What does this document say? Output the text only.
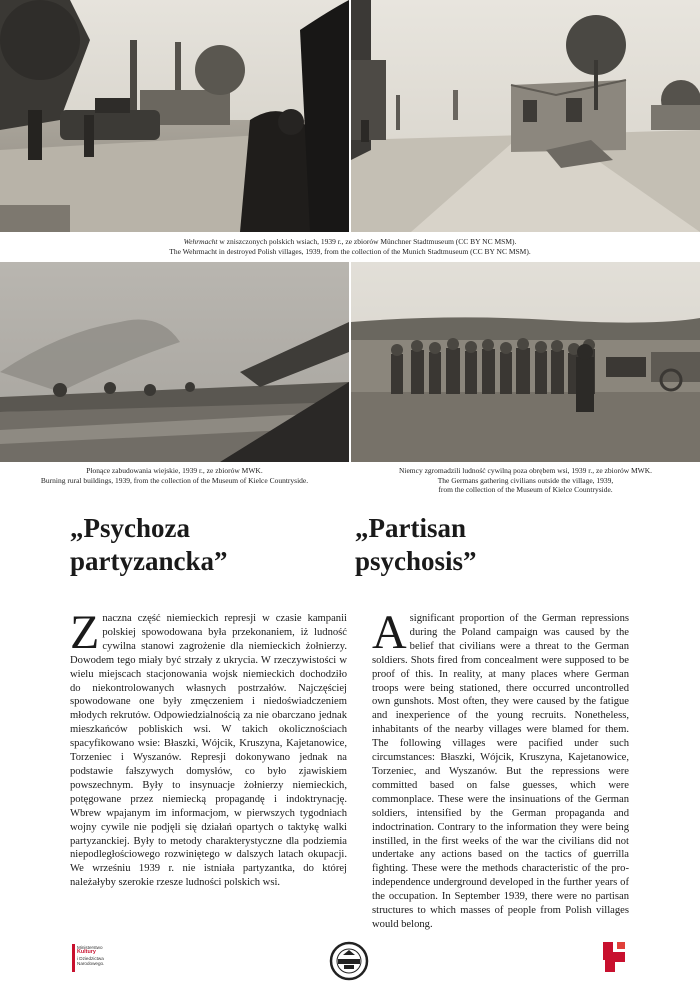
Wehrmacht w zniszczonych polskich wsiach, 1939 r., ze zbiorów Münchner Stadtmuseum (CC BY NC MSM).
The Wehrmacht in destroyed Polish villages, 1939, from the collection of the Munich Stadtmuseum (CC BY NC MSM).
Płonące zabudowania wiejskie, 1939 r., ze zbiorów MWK.
Burning rural buildings, 1939, from the collection of the Museum of Kielce Countryside.
Niemcy zgromadzili ludność cywilną poza obrębem wsi, 1939 r., ze zbiorów MWK.
The Germans gathering civilians outside the village, 1939,
from the collection of the Museum of Kielce Countryside.
„Psychoza
partyzancka”
„Partisan
psychosis”
Znaczna część niemieckich represji w czasie kampanii polskiej spowodowana była przekonaniem, iż ludność cywilna stanowi zagrożenie dla niemieckich żołnierzy. Dowodem tego miały być strzały z ukrycia. W rzeczywistości w wielu miejscach stacjonowania wojsk niemieckich dochodziło do niekontrolowanych własnych postrzałów. Najczęściej spowodowane one były zmęczeniem i niedoświadczeniem młodych rekrutów. Odpowiedzialnością za nie obarczano jednak mieszkańców pobliskich wsi. W takich okolicznościach spacyfikowano wsie: Błaszki, Wójcik, Kruszyna, Kajetanowice, Torzeniec i Wyszanów. Represji dokonywano jednak na podstawie fałszywych domysłów, co było zjawiskiem powszechnym. Były to insynuacje żołnierzy niemieckich, potęgowane przez niemiecką propagandę i indoktrynację. Wbrew wpajanym im informacjom, w pierwszych tygodniach wojny cywile nie podjęli się działań opartych o taktykę walki partyzanckiej. Były to metody charakterystyczne dla podziemia niepodległościowego rozwiniętego w dalszych latach okupacji. We wrześniu 1939 r. nie istniała partyzantka, do której należałyby szerokie rzesze ludności polskich wsi.
A significant proportion of the German repressions during the Poland campaign was caused by the belief that civilians were a threat to the German soldiers. Shots fired from concealment were supposed to be proof of this. In reality, at many places where German troops were being stationed, there occurred uncontrolled own gunshots. Most often, they were caused by the fatigue and inexperience of the young recruits. Nonetheless, inhabitants of the nearby villages were blamed for them. The following villages were pacified under such circumstances: Błaszki, Wójcik, Kruszyna, Kajetanowice, Torzeniec, and Wyszanów. But the repressions were committed based on false guesses, which were commonplace. These were the insinuations of the German soldiers, intensified by the German propaganda and indoctrination. Contrary to the information they were being instilled, in the first weeks of the war the civilians did not undertake any actions based on the tactics of guerrilla fighting. These were the methods characteristic of the pro-independence underground developed in the further years of the occupation. In September 1939, there were no partisan structures to which masses of people from Polish villages would belong.
Ministerstwo
Kultury
i Dziedzictwa
Narodowego.
